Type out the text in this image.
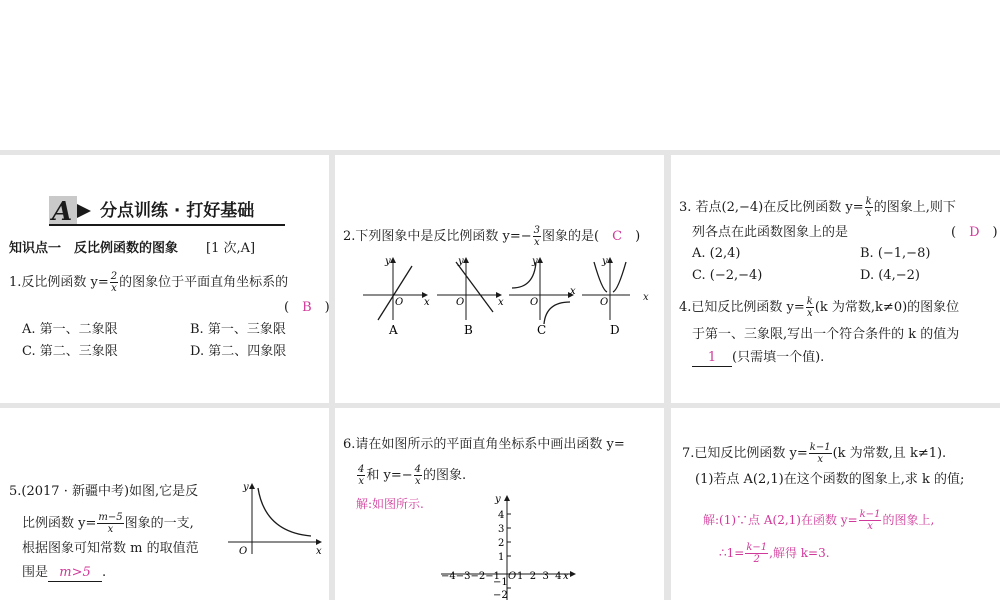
A 分点训练 · 打好基础
知识点一　反比例函数的图象 [1 次,A]
1.反比例函数 $y= \frac{2}{x}$ 的图象位于平面直角坐标系的
(　B　)
A. 第一、二象限	B. 第一、三象限
C. 第二、三象限	D. 第二、四象限
2.下列图象中是反比例函数 $y=- \frac{3}{x}$ 图象的是(　 C　 )
y
x
O
A
y
x
O
B
y
x
O
C
y
O
D
x
3. 若点(2,−4)在反比例函数 $y= \frac{k}{x}$ 的图象上,则下
列各点在此函数图象上的是	(　D　)
A. (2,4)	B. (−1,−8)
C. (−2,−4)	D. (4,−2)
4.已知反比例函数 $y= \frac{k}{x} (k$ 为常数,k≠0)的图象位
于第一、三象限,写出一个符合条件的 k 的值为
1 (只需填一个值).
5.(2017 · 新疆中考)如图,它是反
比例函数 $y= \frac{m-5}{x}$ 图象的一支,
根据图象可知常数 m 的取值范
围是 m>5 .
y
x
O
6.请在如图所示的平面直角坐标系中画出函数 y=
$\frac{4}{x}$ 和 $y=- \frac{4}{x}$ 的图象.
解:如图所示.	y
4
3
2
1
−1
−2
−4−3−2−1 O 1  2  3  4 x
7.已知反比例函数 $y= \frac{k-1}{x} (k$ 为常数,且 k≠1).
(1)若点 A(2,1)在这个函数的图象上,求 k 的值;
解:(1)∵点 A(2,1)在函数 $y= \frac{k-1}{x}$ 的图象上,
∴1= $\frac{k-1}{2}$ ,解得 k=3.
